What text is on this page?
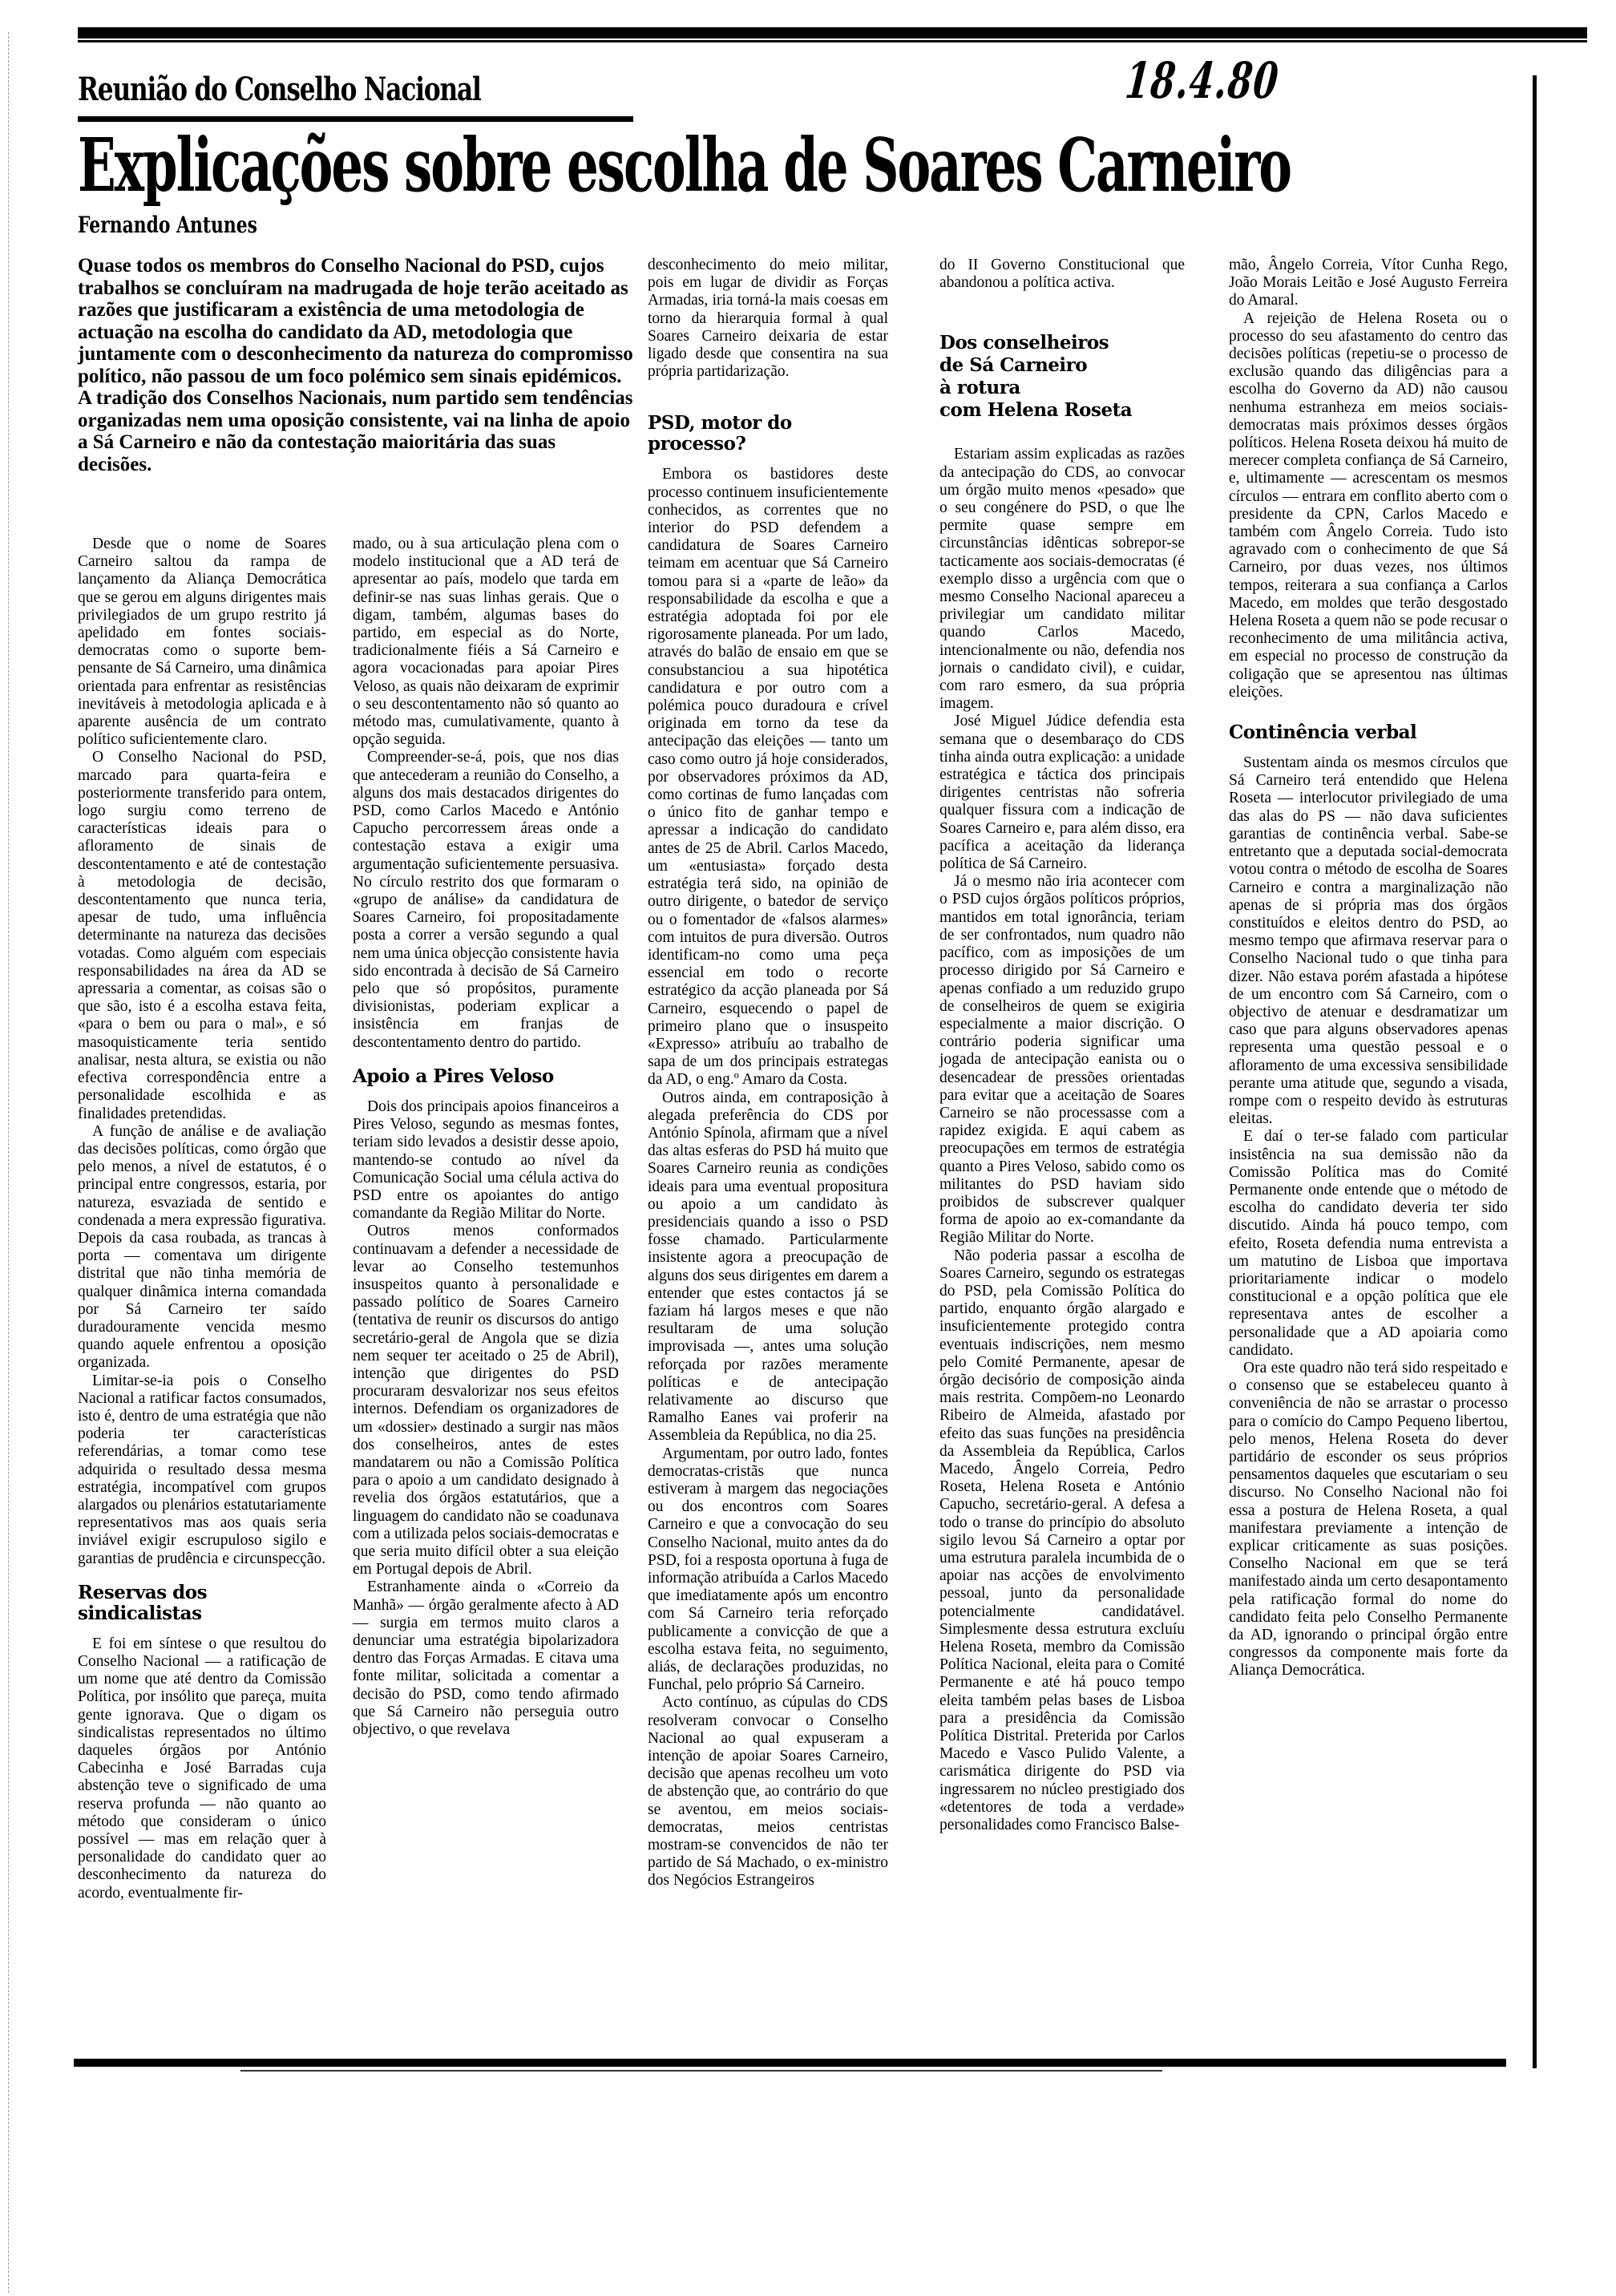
Reunião do Conselho Nacional	18.4.80
Explicações sobre escolha de Soares Carneiro
Fernando Antunes
Quase todos os membros do Conselho Nacional do PSD, cujos trabalhos se concluíram na madrugada de hoje terão aceitado as razões que justificaram a existência de uma metodologia de actuação na escolha do candidato da AD, metodologia que juntamente com o desconhecimento da natureza do compromisso político, não passou de um foco polémico sem sinais epidémicos. A tradição dos Conselhos Nacionais, num partido sem tendências organizadas nem uma oposição consistente, vai na linha de apoio a Sá Carneiro e não da contestação maioritária das suas decisões.

Desde que o nome de Soares Carneiro saltou da rampa de lançamento da Aliança Democrática que se gerou em alguns dirigentes mais privilegiados de um grupo restrito já apelidado em fontes sociais-democratas como o suporte bem-pensante de Sá Carneiro, uma dinâmica orientada para enfrentar as resistências inevitáveis à metodologia aplicada e à aparente ausência de um contrato político suficientemente claro.

O Conselho Nacional do PSD, marcado para quarta-feira e posteriormente transferido para ontem, logo surgiu como terreno de características ideais para o afloramento de sinais de descontentamento e até de contestação à metodologia de decisão, descontentamento que nunca teria, apesar de tudo, uma influência determinante na natureza das decisões votadas. Como alguém com especiais responsabilidades na área da AD se apressaria a comentar, as coisas são o que são, isto é a escolha estava feita, «para o bem ou para o mal», e só masoquisticamente teria sentido analisar, nesta altura, se existia ou não efectiva correspondência entre a personalidade escolhida e as finalidades pretendidas.

A função de análise e de avaliação das decisões políticas, como órgão que pelo menos, a nível de estatutos, é o principal entre congressos, estaria, por natureza, esvaziada de sentido e condenada a mera expressão figurativa. Depois da casa roubada, as trancas à porta — comentava um dirigente distrital que não tinha memória de qualquer dinâmica interna comandada por Sá Carneiro ter saído duradouramente vencida mesmo quando aquele enfrentou a oposição organizada.

Limitar-se-ia pois o Conselho Nacional a ratificar factos consumados, isto é, dentro de uma estratégia que não poderia ter características referendárias, a tomar como tese adquirida o resultado dessa mesma estratégia, incompatível com grupos alargados ou plenários estatutariamente representativos mas aos quais seria inviável exigir escrupuloso sigilo e garantias de prudência e circunspecção.

Reservas dos sindicalistas

E foi em síntese o que resultou do Conselho Nacional — a ratificação de um nome que até dentro da Comissão Política, por insólito que pareça, muita gente ignorava. Que o digam os sindicalistas representados no último daqueles órgãos por António Cabecinha e José Barradas cuja abstenção teve o significado de uma reserva profunda — não quanto ao método que consideram o único possível — mas em relação quer à personalidade do candidato quer ao desconhecimento da natureza do acordo, eventualmente fir-

mado, ou à sua articulação plena com o modelo institucional que a AD terá de apresentar ao país, modelo que tarda em definir-se nas suas linhas gerais. Que o digam, também, algumas bases do partido, em especial as do Norte, tradicionalmente fiéis a Sá Carneiro e agora vocacionadas para apoiar Pires Veloso, as quais não deixaram de exprimir o seu descontentamento não só quanto ao método mas, cumulativamente, quanto à opção seguida.

Compreender-se-á, pois, que nos dias que antecederam a reunião do Conselho, a alguns dos mais destacados dirigentes do PSD, como Carlos Macedo e António Capucho percorressem áreas onde a contestação estava a exigir uma argumentação suficientemente persuasiva. No círculo restrito dos que formaram o «grupo de análise» da candidatura de Soares Carneiro, foi propositadamente posta a correr a versão segundo a qual nem uma única objecção consistente havia sido encontrada à decisão de Sá Carneiro pelo que só propósitos, puramente divisionistas, poderiam explicar a insistência em franjas de descontentamento dentro do partido.

Apoio a Pires Veloso

Dois dos principais apoios financeiros a Pires Veloso, segundo as mesmas fontes, teriam sido levados a desistir desse apoio, mantendo-se contudo ao nível da Comunicação Social uma célula activa do PSD entre os apoiantes do antigo comandante da Região Militar do Norte.

Outros menos conformados continuavam a defender a necessidade de levar ao Conselho testemunhos insuspeitos quanto à personalidade e passado político de Soares Carneiro (tentativa de reunir os discursos do antigo secretário-geral de Angola que se dizia nem sequer ter aceitado o 25 de Abril), intenção que dirigentes do PSD procuraram desvalorizar nos seus efeitos internos. Defendiam os organizadores de um «dossier» destinado a surgir nas mãos dos conselheiros, antes de estes mandatarem ou não a Comissão Política para o apoio a um candidato designado à revelia dos órgãos estatutários, que a linguagem do candidato não se coadunava com a utilizada pelos sociais-democratas e que seria muito difícil obter a sua eleição em Portugal depois de Abril.

Estranhamente ainda o «Correio da Manhã» — órgão geralmente afecto à AD — surgia em termos muito claros a denunciar uma estratégia bipolarizadora dentro das Forças Armadas. E citava uma fonte militar, solicitada a comentar a decisão do PSD, como tendo afirmado que Sá Carneiro não perseguia outro objectivo, o que revelava

desconhecimento do meio militar, pois em lugar de dividir as Forças Armadas, iria torná-la mais coesas em torno da hierarquia formal à qual Soares Carneiro deixaria de estar ligado desde que consentira na sua própria partidarização.

PSD, motor do processo?

Embora os bastidores deste processo continuem insuficientemente conhecidos, as correntes que no interior do PSD defendem a candidatura de Soares Carneiro teimam em acentuar que Sá Carneiro tomou para si a «parte de leão» da responsabilidade da escolha e que a estratégia adoptada foi por ele rigorosamente planeada. Por um lado, através do balão de ensaio em que se consubstanciou a sua hipotética candidatura e por outro com a polémica pouco duradoura e crível originada em torno da tese da antecipação das eleições — tanto um caso como outro já hoje considerados, por observadores próximos da AD, como cortinas de fumo lançadas com o único fito de ganhar tempo e apressar a indicação do candidato antes de 25 de Abril. Carlos Macedo, um «entusiasta» forçado desta estratégia terá sido, na opinião de outro dirigente, o batedor de serviço ou o fomentador de «falsos alarmes» com intuitos de pura diversão. Outros identificam-no como uma peça essencial em todo o recorte estratégico da acção planeada por Sá Carneiro, esquecendo o papel de primeiro plano que o insuspeito «Expresso» atribuíu ao trabalho de sapa de um dos principais estrategas da AD, o eng.º Amaro da Costa.

Outros ainda, em contraposição à alegada preferência do CDS por António Spínola, afirmam que a nível das altas esferas do PSD há muito que Soares Carneiro reunia as condições ideais para uma eventual propositura ou apoio a um candidato às presidenciais quando a isso o PSD fosse chamado. Particularmente insistente agora a preocupação de alguns dos seus dirigentes em darem a entender que estes contactos já se faziam há largos meses e que não resultaram de uma solução improvisada —, antes uma solução reforçada por razões meramente políticas e de antecipação relativamente ao discurso que Ramalho Eanes vai proferir na Assembleia da República, no dia 25.

Argumentam, por outro lado, fontes democratas-cristãs que nunca estiveram à margem das negociações ou dos encontros com Soares Carneiro e que a convocação do seu Conselho Nacional, muito antes da do PSD, foi a resposta oportuna à fuga de informação atribuída a Carlos Macedo que imediatamente após um encontro com Sá Carneiro teria reforçado publicamente a convicção de que a escolha estava feita, no seguimento, aliás, de declarações produzidas, no Funchal, pelo próprio Sá Carneiro.

Acto contínuo, as cúpulas do CDS resolveram convocar o Conselho Nacional ao qual expuseram a intenção de apoiar Soares Carneiro, decisão que apenas recolheu um voto de abstenção que, ao contrário do que se aventou, em meios sociais-democratas, meios centristas mostram-se convencidos de não ter partido de Sá Machado, o ex-ministro dos Negócios Estrangeiros

do II Governo Constitucional que abandonou a política activa.

Dos conselheiros
de Sá Carneiro
à rotura
com Helena Roseta

Estariam assim explicadas as razões da antecipação do CDS, ao convocar um órgão muito menos «pesado» que o seu congénere do PSD, o que lhe permite quase sempre em circunstâncias idênticas sobrepor-se tacticamente aos sociais-democratas (é exemplo disso a urgência com que o mesmo Conselho Nacional apareceu a privilegiar um candidato militar quando Carlos Macedo, intencionalmente ou não, defendia nos jornais o candidato civil), e cuidar, com raro esmero, da sua própria imagem.

José Miguel Júdice defendia esta semana que o desembaraço do CDS tinha ainda outra explicação: a unidade estratégica e táctica dos principais dirigentes centristas não sofreria qualquer fissura com a indicação de Soares Carneiro e, para além disso, era pacífica a aceitação da liderança política de Sá Carneiro.

Já o mesmo não iria acontecer com o PSD cujos órgãos políticos próprios, mantidos em total ignorância, teriam de ser confrontados, num quadro não pacífico, com as imposições de um processo dirigido por Sá Carneiro e apenas confiado a um reduzido grupo de conselheiros de quem se exigiria especialmente a maior discrição. O contrário poderia significar uma jogada de antecipação eanista ou o desencadear de pressões orientadas para evitar que a aceitação de Soares Carneiro se não processasse com a rapidez exigida. E aqui cabem as preocupações em termos de estratégia quanto a Pires Veloso, sabido como os militantes do PSD haviam sido proibidos de subscrever qualquer forma de apoio ao ex-comandante da Região Militar do Norte.

Não poderia passar a escolha de Soares Carneiro, segundo os estrategas do PSD, pela Comissão Política do partido, enquanto órgão alargado e insuficientemente protegido contra eventuais indiscrições, nem mesmo pelo Comité Permanente, apesar de órgão decisório de composição ainda mais restrita. Compõem-no Leonardo Ribeiro de Almeida, afastado por efeito das suas funções na presidência da Assembleia da República, Carlos Macedo, Ângelo Correia, Pedro Roseta, Helena Roseta e António Capucho, secretário-geral. A defesa a todo o transe do princípio do absoluto sigilo levou Sá Carneiro a optar por uma estrutura paralela incumbida de o apoiar nas acções de envolvimento pessoal, junto da personalidade potencialmente candidatável. Simplesmente dessa estrutura excluíu Helena Roseta, membro da Comissão Política Nacional, eleita para o Comité Permanente e até há pouco tempo eleita também pelas bases de Lisboa para a presidência da Comissão Política Distrital. Preterida por Carlos Macedo e Vasco Pulido Valente, a carismática dirigente do PSD via ingressarem no núcleo prestigiado dos «detentores de toda a verdade» personalidades como Francisco Balse-

mão, Ângelo Correia, Vítor Cunha Rego, João Morais Leitão e José Augusto Ferreira do Amaral.

A rejeição de Helena Roseta ou o processo do seu afastamento do centro das decisões políticas (repetiu-se o processo de exclusão quando das diligências para a escolha do Governo da AD) não causou nenhuma estranheza em meios sociais-democratas mais próximos desses órgãos políticos. Helena Roseta deixou há muito de merecer completa confiança de Sá Carneiro, e, ultimamente — acrescentam os mesmos círculos — entrara em conflito aberto com o presidente da CPN, Carlos Macedo e também com Ângelo Correia. Tudo isto agravado com o conhecimento de que Sá Carneiro, por duas vezes, nos últimos tempos, reiterara a sua confiança a Carlos Macedo, em moldes que terão desgostado Helena Roseta a quem não se pode recusar o reconhecimento de uma militância activa, em especial no processo de construção da coligação que se apresentou nas últimas eleições.

Continência verbal

Sustentam ainda os mesmos círculos que Sá Carneiro terá entendido que Helena Roseta — interlocutor privilegiado de uma das alas do PS — não dava suficientes garantias de continência verbal. Sabe-se entretanto que a deputada social-democrata votou contra o método de escolha de Soares Carneiro e contra a marginalização não apenas de si própria mas dos órgãos constituídos e eleitos dentro do PSD, ao mesmo tempo que afirmava reservar para o Conselho Nacional tudo o que tinha para dizer. Não estava porém afastada a hipótese de um encontro com Sá Carneiro, com o objectivo de atenuar e desdramatizar um caso que para alguns observadores apenas representa uma questão pessoal e o afloramento de uma excessiva sensibilidade perante uma atitude que, segundo a visada, rompe com o respeito devido às estruturas eleitas.

E daí o ter-se falado com particular insistência na sua demissão não da Comissão Política mas do Comité Permanente onde entende que o método de escolha do candidato deveria ter sido discutido. Ainda há pouco tempo, com efeito, Roseta defendia numa entrevista a um matutino de Lisboa que importava prioritariamente indicar o modelo constitucional e a opção política que ele representava antes de escolher a personalidade que a AD apoiaria como candidato.

Ora este quadro não terá sido respeitado e o consenso que se estabeleceu quanto à conveniência de não se arrastar o processo para o comício do Campo Pequeno libertou, pelo menos, Helena Roseta do dever partidário de esconder os seus próprios pensamentos daqueles que escutariam o seu discurso. No Conselho Nacional não foi essa a postura de Helena Roseta, a qual manifestara previamente a intenção de explicar criticamente as suas posições. Conselho Nacional em que se terá manifestado ainda um certo desapontamento pela ratificação formal do nome do candidato feita pelo Conselho Permanente da AD, ignorando o principal órgão entre congressos da componente mais forte da Aliança Democrática.
